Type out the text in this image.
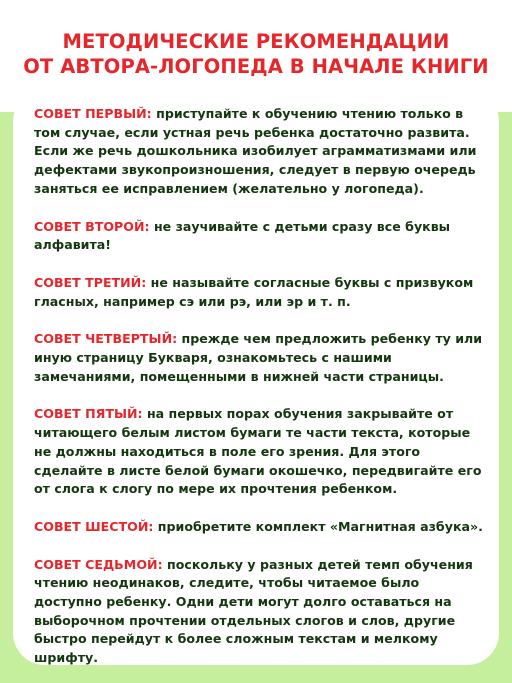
МЕТОДИЧЕСКИЕ РЕКОМЕНДАЦИИ
ОТ АВТОРА-ЛОГОПЕДА В НАЧАЛЕ КНИГИ

СОВЕТ ПЕРВЫЙ: приступайте к обучению чтению только в том случае, если устная речь ребенка достаточно развита. Если же речь дошкольника изобилует аграмматизмами или дефектами звукопроизношения, следует в первую очередь заняться ее исправлением (желательно у логопеда).

СОВЕТ ВТОРОЙ: не заучивайте с детьми сразу все буквы алфавита!

СОВЕТ ТРЕТИЙ: не называйте согласные буквы с призвуком гласных, например сэ или рэ, или эр и т. п.

СОВЕТ ЧЕТВЕРТЫЙ: прежде чем предложить ребенку ту или иную страницу Букваря, ознакомьтесь с нашими замечаниями, помещенными в нижней части страницы.

СОВЕТ ПЯТЫЙ: на первых порах обучения закрывайте от читающего белым листом бумаги те части текста, которые не должны находиться в поле его зрения. Для этого сделайте в листе белой бумаги окошечко, передвигайте его от слога к слогу по мере их прочтения ребенком.

СОВЕТ ШЕСТОЙ: приобретите комплект «Магнитная азбука».

СОВЕТ СЕДЬМОЙ: поскольку у разных детей темп обучения чтению неодинаков, следите, чтобы читаемое было доступно ребенку. Одни дети могут долго оставаться на выборочном прочтении отдельных слогов и слов, другие быстро перейдут к более сложным текстам и мелкому шрифту.
